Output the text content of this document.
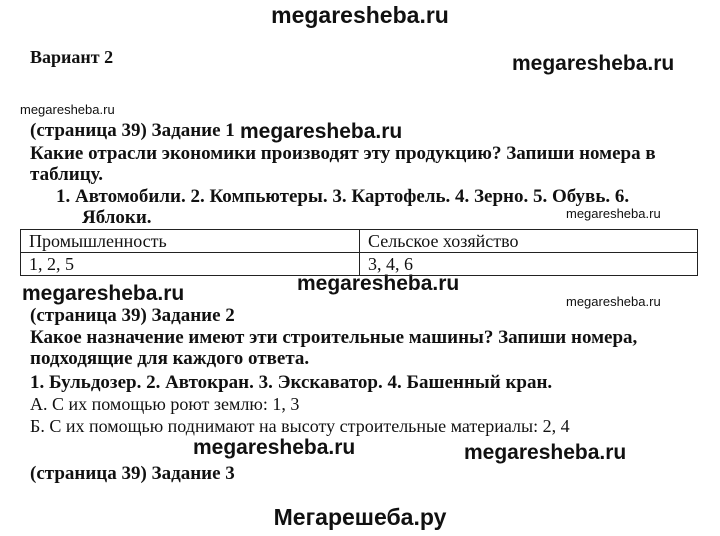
megaresheba.ru
Вариант 2	megaresheba.ru
megaresheba.ru
megaresheba.ru
megaresheba.ru
megaresheba.ru
megaresheba.ru	megaresheba.ru
megaresheba.ru	megaresheba.ru
(страница 39) Задание 1
Какие отрасли экономики производят эту продукцию? Запиши номера в
таблицу.
1. Автомобили. 2. Компьютеры. 3. Картофель. 4. Зерно. 5. Обувь. 6.
Яблоки.
Промышленность	Сельское хозяйство
1, 2, 5	3, 4, 6
(страница 39) Задание 2
Какое назначение имеют эти строительные машины? Запиши номера,
подходящие для каждого ответа.
1. Бульдозер. 2. Автокран. 3. Экскаватор. 4. Башенный кран.
А. С их помощью роют землю: 1, 3
Б. С их помощью поднимают на высоту строительные материалы: 2, 4
(страница 39) Задание 3
Мегарешеба.ру
